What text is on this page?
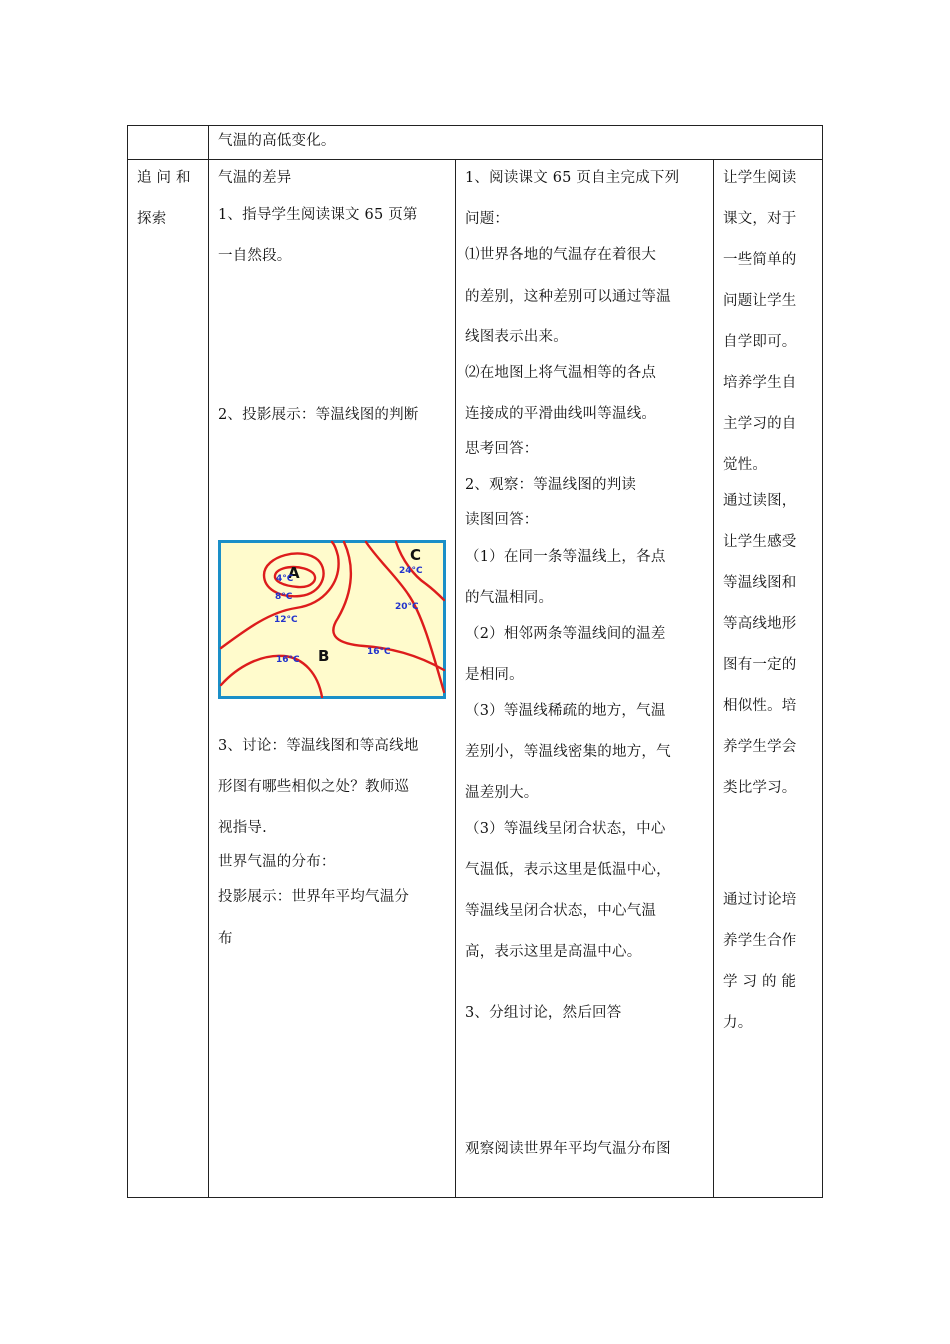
气温的高低变化。
追 问 和
探索
气温的差异
1、指导学生阅读课文 65 页第
一自然段。
2、投影展示：等温线图的判断
A
B
C
4°C
8°C
12°C
16°C
16°C
20°C
24°C
3、讨论：等温线图和等高线地
形图有哪些相似之处？教师巡
视指导.
世界气温的分布：
投影展示：世界年平均气温分
布
1、阅读课文 65 页自主完成下列
问题：
⑴世界各地的气温存在着很大
的差别，这种差别可以通过等温
线图表示出来。
⑵在地图上将气温相等的各点
连接成的平滑曲线叫等温线。
思考回答：
2、观察：等温线图的判读
读图回答：
（1）在同一条等温线上，各点
的气温相同。
（2）相邻两条等温线间的温差
是相同。
（3）等温线稀疏的地方，气温
差别小，等温线密集的地方，气
温差别大。
（3）等温线呈闭合状态，中心
气温低，表示这里是低温中心，
等温线呈闭合状态，中心气温
高，表示这里是高温中心。
3、分组讨论，然后回答
观察阅读世界年平均气温分布图
让学生阅读
课文，对于
一些简单的
问题让学生
自学即可。
培养学生自
主学习的自
觉性。
通过读图，
让学生感受
等温线图和
等高线地形
图有一定的
相似性。培
养学生学会
类比学习。
通过讨论培
养学生合作
学 习 的 能
力。
